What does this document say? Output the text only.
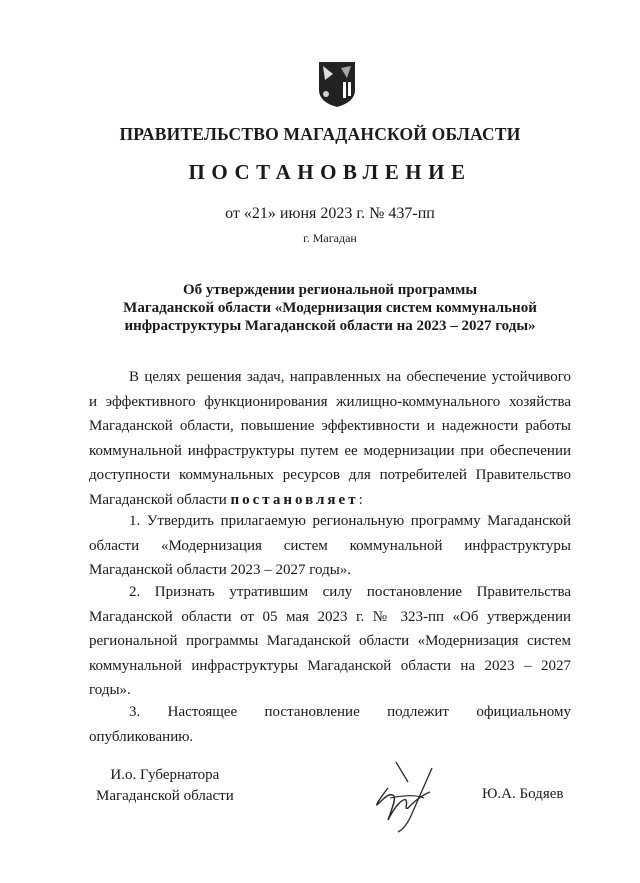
ПРАВИТЕЛЬСТВО МАГАДАНСКОЙ ОБЛАСТИ
ПОСТАНОВЛЕНИЕ
от «21» июня 2023 г. № 437-пп
г. Магадан
Об утверждении региональной программы
Магаданской области «Модернизация систем коммунальной
инфраструктуры Магаданской области на 2023 – 2027 годы»
В целях решения задач, направленных на обеспечение устойчивого
и эффективного функционирования жилищно-коммунального хозяйства
Магаданской области, повышение эффективности и надежности работы
коммунальной инфраструктуры путем ее модернизации при обеспечении
доступности коммунальных ресурсов для потребителей Правительство
Магаданской области постановляет:
1. Утвердить прилагаемую региональную программу Магаданской
области «Модернизация систем коммунальной инфраструктуры
Магаданской области 2023 – 2027 годы».
2. Признать утратившим силу постановление Правительства
Магаданской области от 05 мая 2023 г. № 323-пп «Об утверждении
региональной программы Магаданской области «Модернизация систем
коммунальной инфраструктуры Магаданской области на 2023 – 2027
годы».
3. Настоящее постановление подлежит официальному
опубликованию.
И.о. Губернатора
Магаданской области	Ю.А. Бодяев
